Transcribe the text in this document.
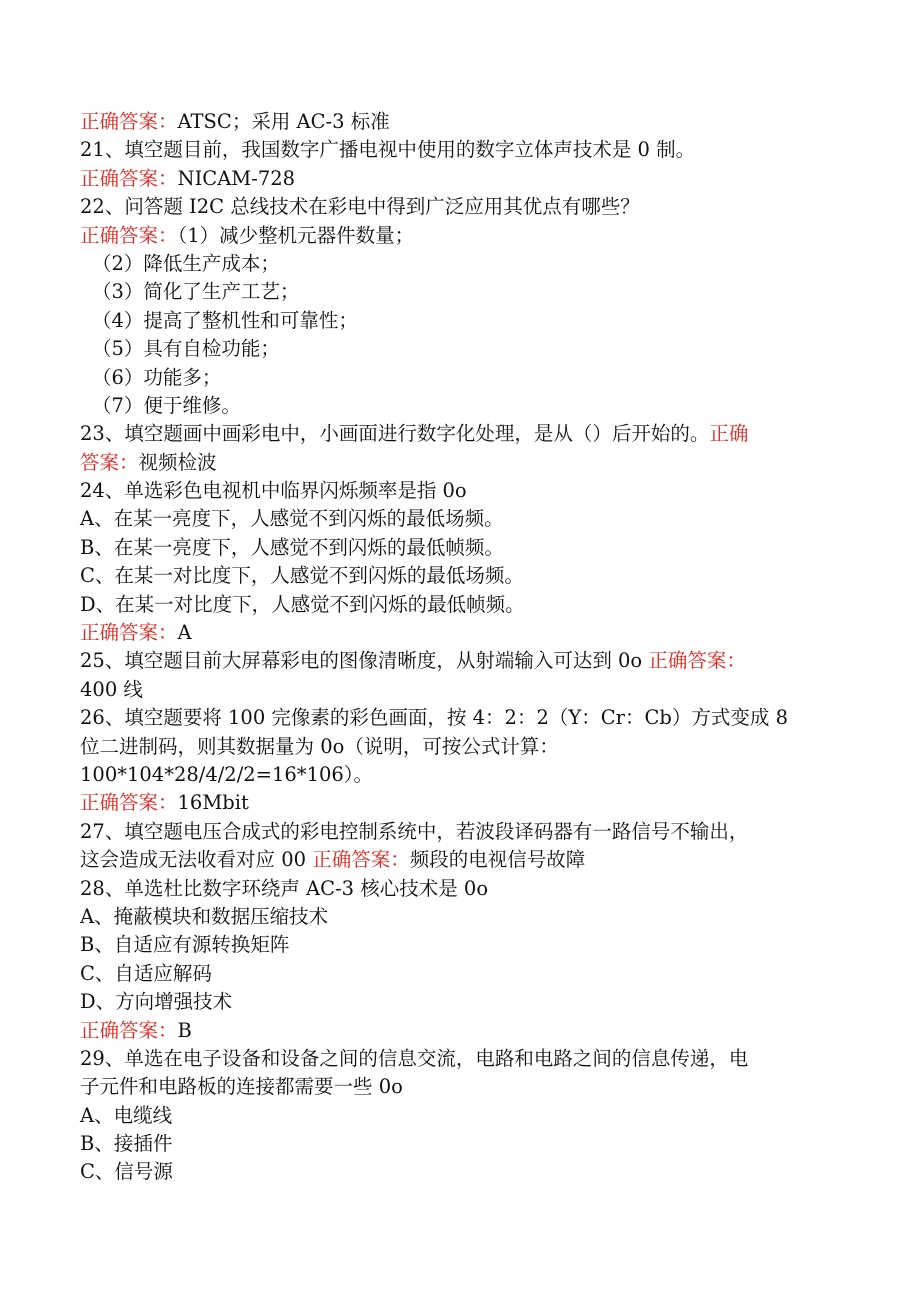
正确答案：ATSC；采用 AC-3 标准
21、填空题目前，我国数字广播电视中使用的数字立体声技术是 0 制。
正确答案：NICAM-728
22、问答题 I2C 总线技术在彩电中得到广泛应用其优点有哪些？
正确答案：（1）减少整机元器件数量；
（2）降低生产成本；
（3）简化了生产工艺；
（4）提高了整机性和可靠性；
（5）具有自检功能；
（6）功能多；
（7）便于维修。
23、填空题画中画彩电中，小画面进行数字化处理，是从（）后开始的。正确
答案：视频检波
24、单选彩色电视机中临界闪烁频率是指 0o
A、在某一亮度下，人感觉不到闪烁的最低场频。
B、在某一亮度下，人感觉不到闪烁的最低帧频。
C、在某一对比度下，人感觉不到闪烁的最低场频。
D、在某一对比度下，人感觉不到闪烁的最低帧频。
正确答案：A
25、填空题目前大屏幕彩电的图像清晰度，从射端输入可达到 0o 正确答案：
400 线
26、填空题要将 100 完像素的彩色画面，按 4：2：2（Y：Cr：Cb）方式变成 8
位二进制码，则其数据量为 0o（说明，可按公式计算：
100*104*28/4/2/2=16*106）。
正确答案：16Mbit
27、填空题电压合成式的彩电控制系统中，若波段译码器有一路信号不输出，
这会造成无法收看对应 00 正确答案：频段的电视信号故障
28、单选杜比数字环绕声 AC-3 核心技术是 0o
A、掩蔽模块和数据压缩技术
B、自适应有源转换矩阵
C、自适应解码
D、方向增强技术
正确答案：B
29、单选在电子设备和设备之间的信息交流，电路和电路之间的信息传递，电
子元件和电路板的连接都需要一些 0o
A、电缆线
B、接插件
C、信号源
